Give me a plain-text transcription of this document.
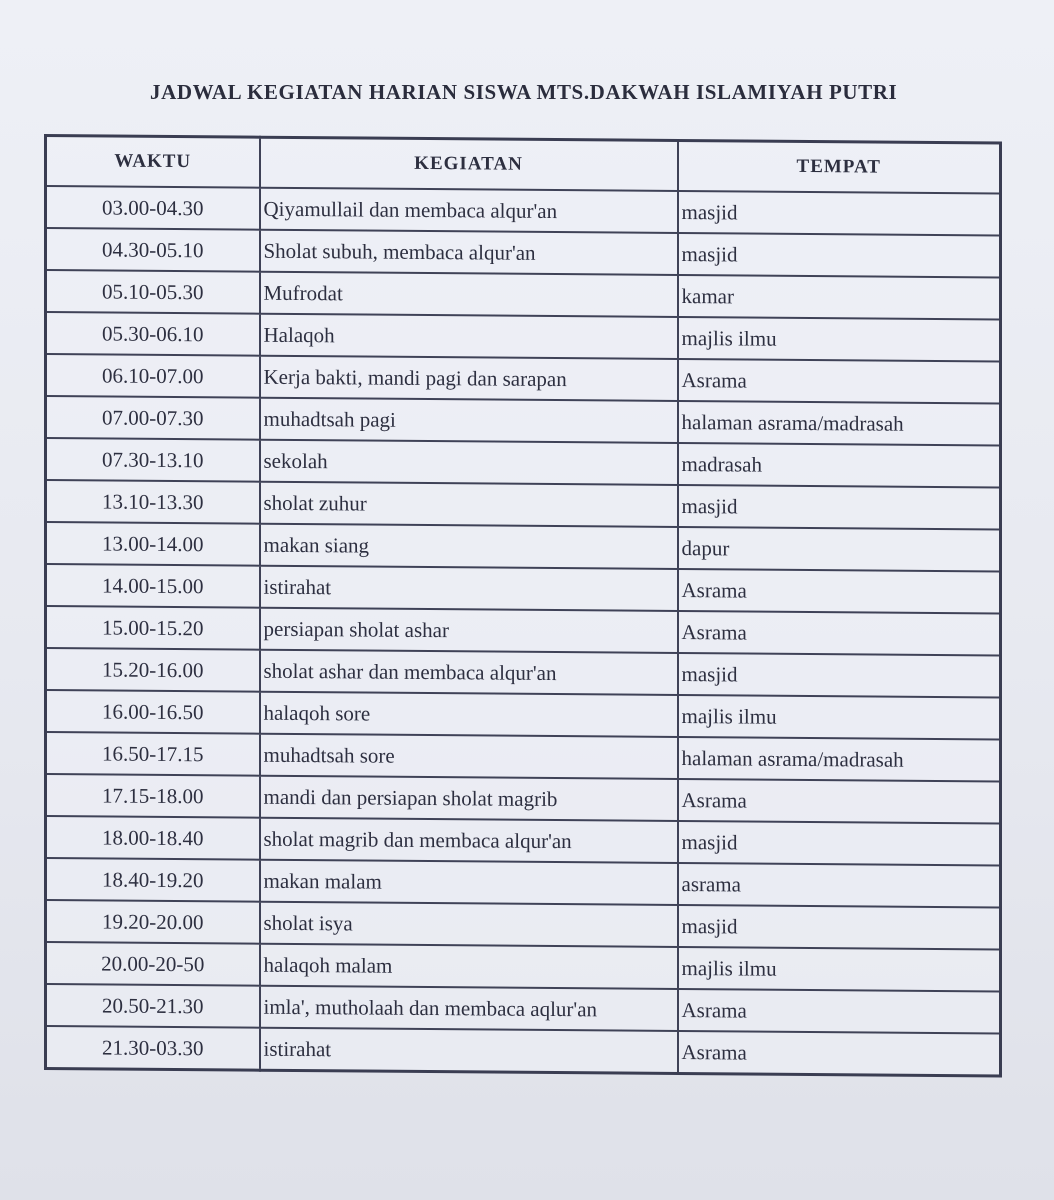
JADWAL KEGIATAN HARIAN SISWA MTS.DAKWAH ISLAMIYAH PUTRI
WAKTU	KEGIATAN	TEMPAT
03.00-04.30	Qiyamullail dan membaca alqur'an	masjid
04.30-05.10	Sholat subuh, membaca alqur'an	masjid
05.10-05.30	Mufrodat	kamar
05.30-06.10	Halaqoh	majlis ilmu
06.10-07.00	Kerja bakti, mandi pagi dan sarapan	Asrama
07.00-07.30	muhadtsah pagi	halaman asrama/madrasah
07.30-13.10	sekolah	madrasah
13.10-13.30	sholat zuhur	masjid
13.00-14.00	makan siang	dapur
14.00-15.00	istirahat	Asrama
15.00-15.20	persiapan sholat ashar	Asrama
15.20-16.00	sholat ashar dan membaca alqur'an	masjid
16.00-16.50	halaqoh sore	majlis ilmu
16.50-17.15	muhadtsah sore	halaman asrama/madrasah
17.15-18.00	mandi dan persiapan sholat magrib	Asrama
18.00-18.40	sholat magrib dan membaca alqur'an	masjid
18.40-19.20	makan malam	asrama
19.20-20.00	sholat isya	masjid
20.00-20-50	halaqoh malam	majlis ilmu
20.50-21.30	imla', mutholaah dan membaca aqlur'an	Asrama
21.30-03.30	istirahat	Asrama
